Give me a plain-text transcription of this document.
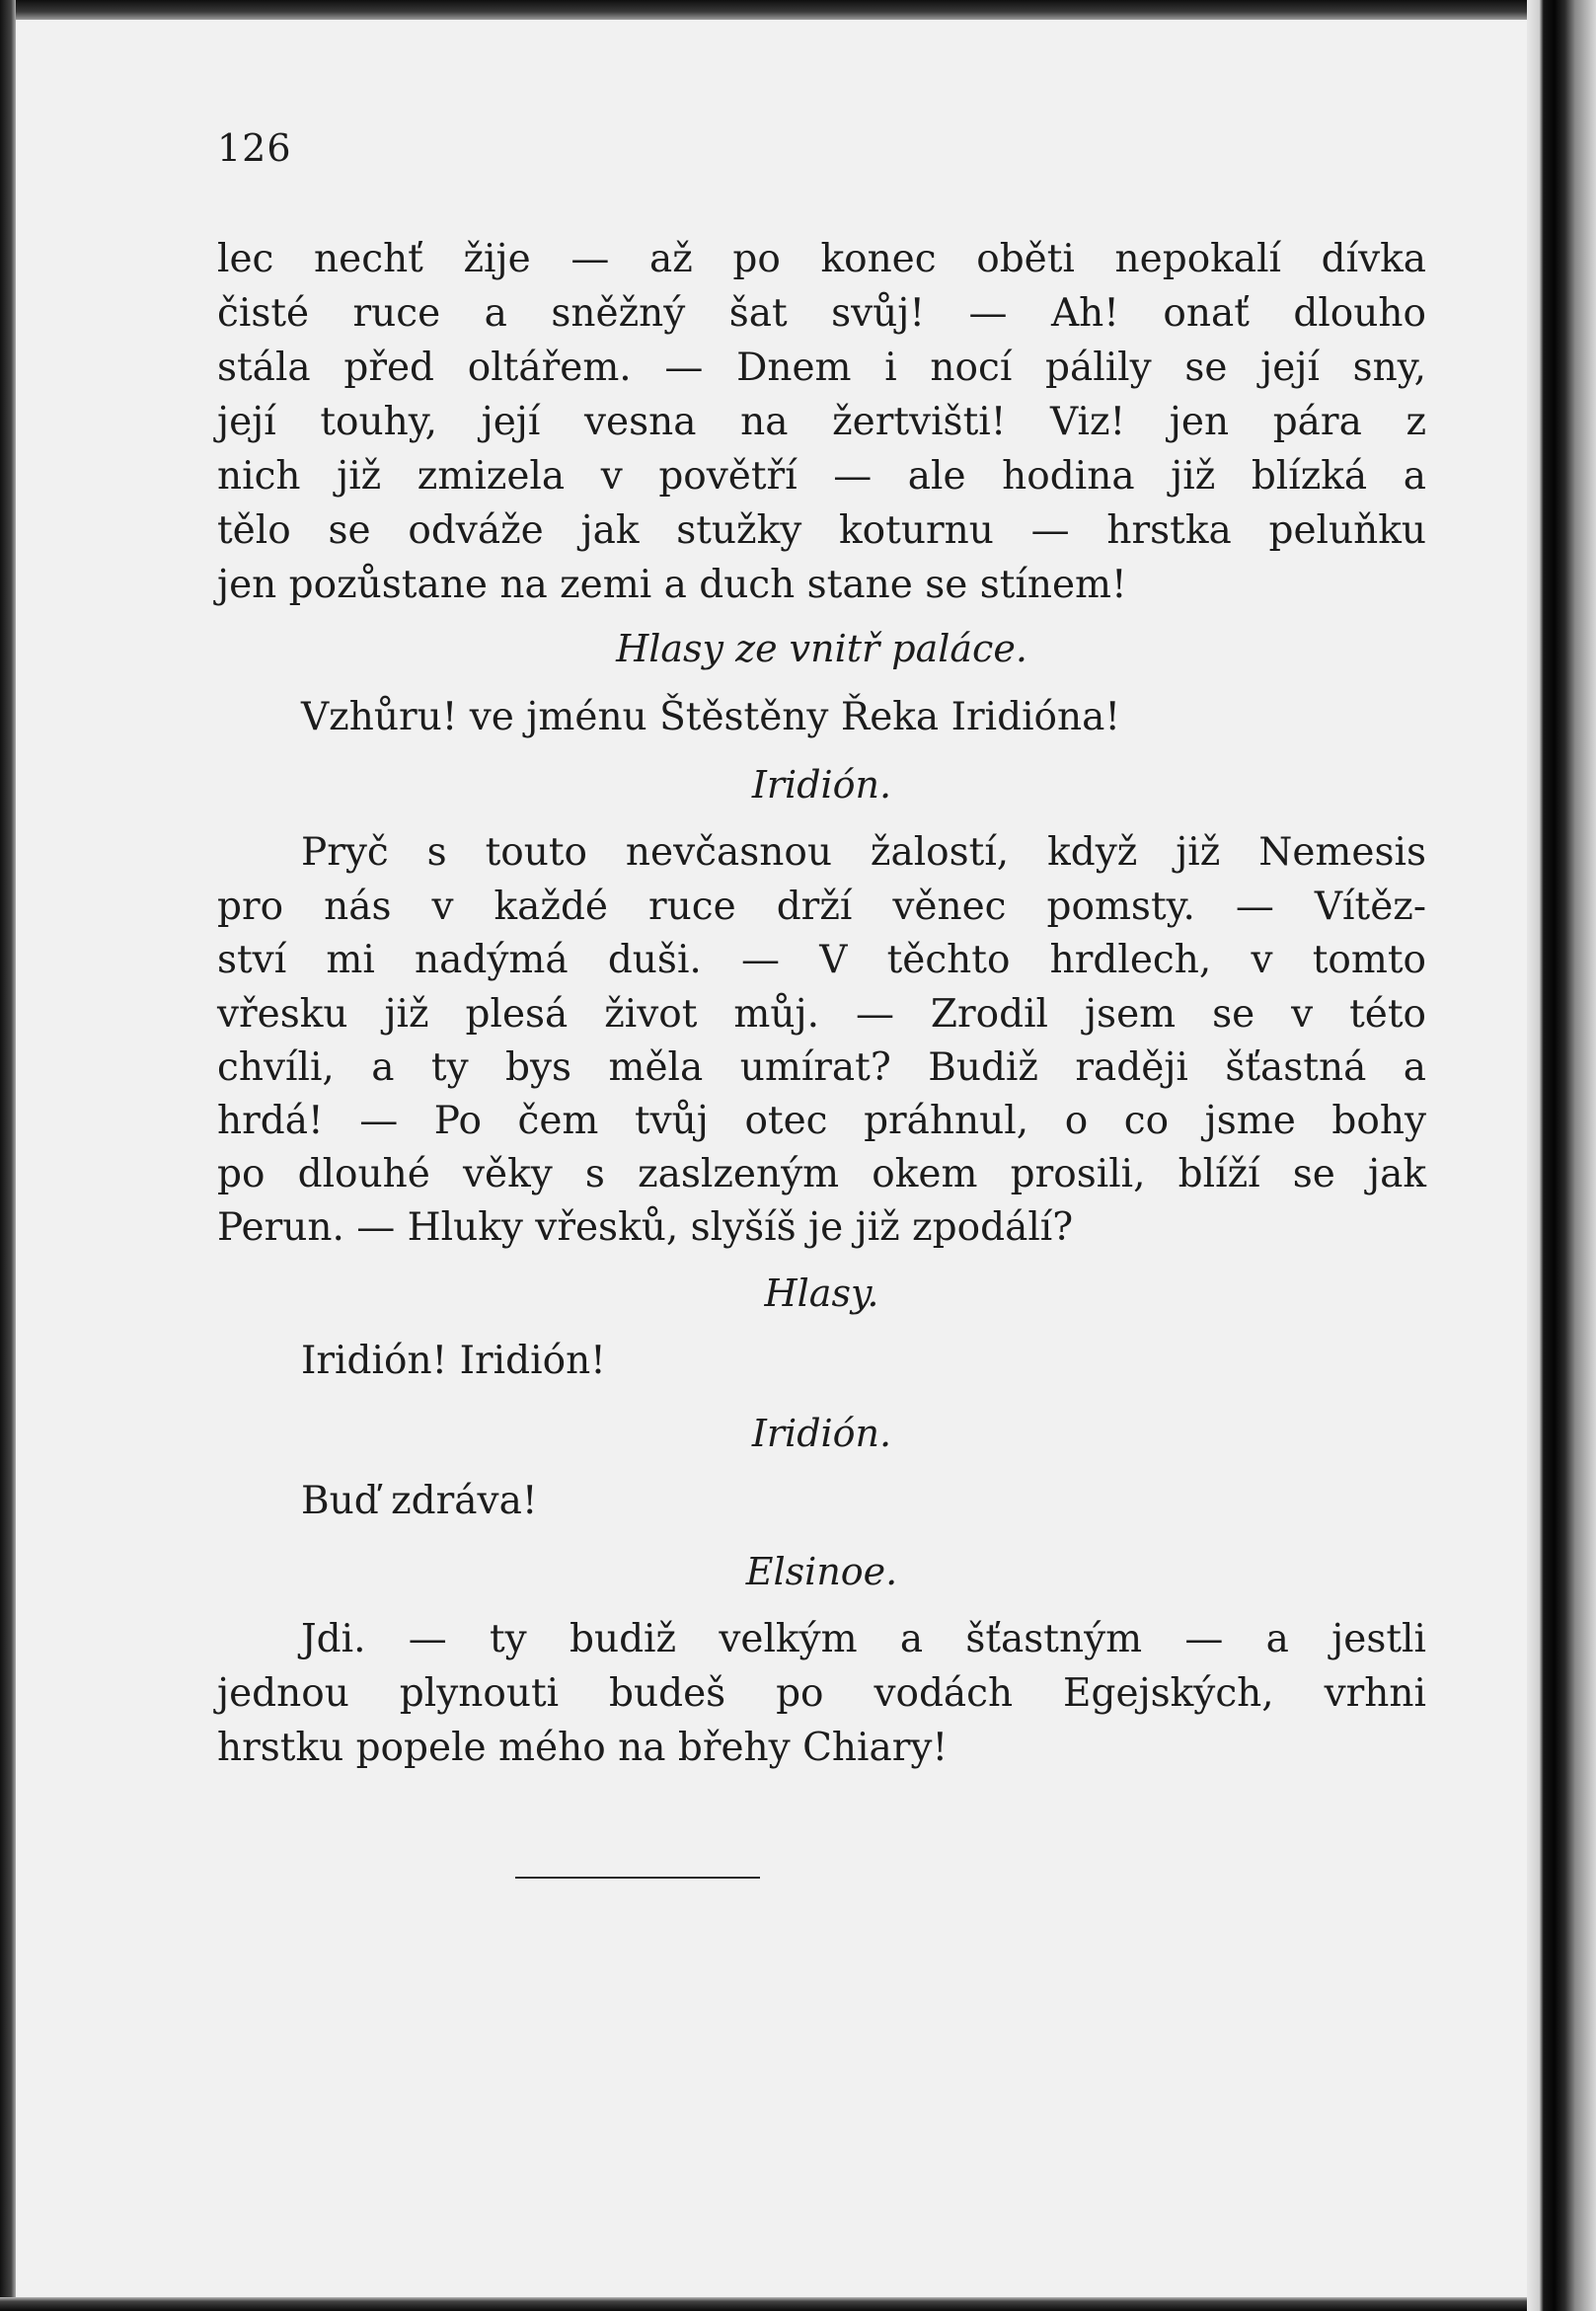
126
lec nechť žije — až po konec oběti nepokalí dívka
čisté ruce a sněžný šat svůj! — Ah! onať dlouho
stála před oltářem. — Dnem i nocí pálily se její sny,
její touhy, její vesna na žertvišti! Viz! jen pára z
nich již zmizela v povětří — ale hodina již blízká a
tělo se odváže jak stužky koturnu — hrstka peluňku
jen pozůstane na zemi a duch stane se stínem!
Hlasy ze vnitř paláce.
Vzhůru! ve jménu Štěstěny Řeka Iridióna!
Iridión.
Pryč s touto nevčasnou žalostí, když již Nemesis
pro nás v každé ruce drží věnec pomsty. — Vítěz-
ství mi nadýmá duši. — V těchto hrdlech, v tomto
vřesku již plesá život můj. — Zrodil jsem se v této
chvíli, a ty bys měla umírat? Budiž raději šťastná a
hrdá! — Po čem tvůj otec práhnul, o co jsme bohy
po dlouhé věky s zaslzeným okem prosili, blíží se jak
Perun. — Hluky vřesků, slyšíš je již zpodálí?
Hlasy.
Iridión! Iridión!
Iridión.
Buď zdráva!
Elsinoe.
Jdi. — ty budiž velkým a šťastným — a jestli
jednou plynouti budeš po vodách Egejských, vrhni
hrstku popele mého na břehy Chiary!
